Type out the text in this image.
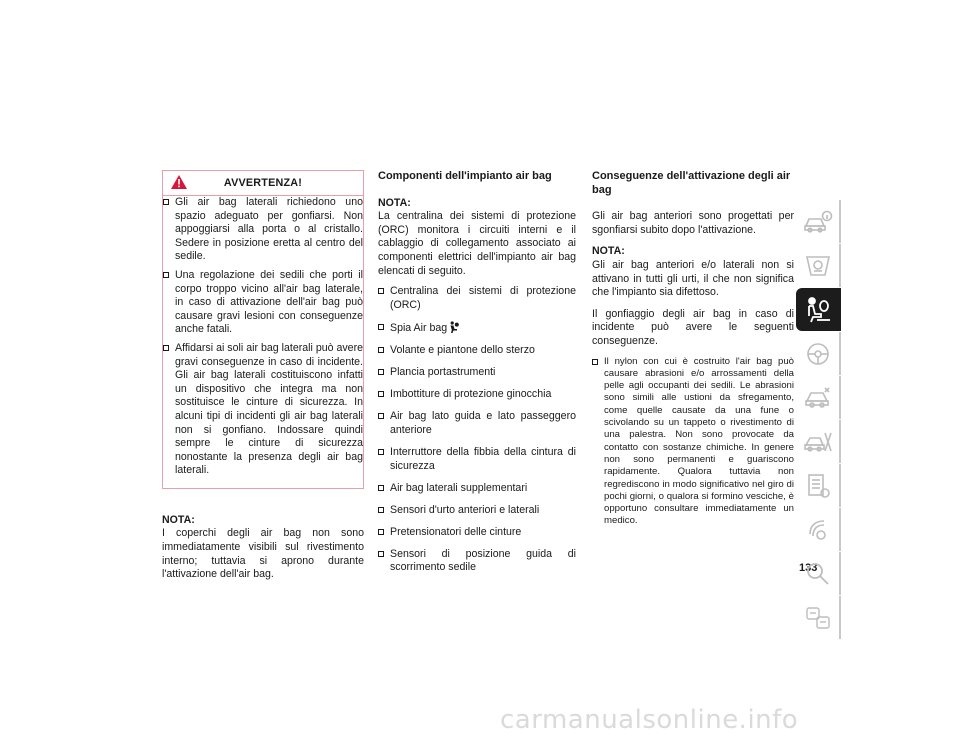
AVVERTENZA!
Gli air bag laterali richiedono uno spazio adeguato per gonfiarsi. Non appoggiarsi alla porta o al cristallo. Sedere in posizione eretta al centro del sedile.
Una regolazione dei sedili che porti il corpo troppo vicino all'air bag laterale, in caso di attivazione dell'air bag può causare gravi lesioni con conseguenze anche fatali.
Affidarsi ai soli air bag laterali può avere gravi conseguenze in caso di incidente. Gli air bag laterali costituiscono infatti un dispositivo che integra ma non sostituisce le cinture di sicurezza. In alcuni tipi di incidenti gli air bag laterali non si gonfiano. Indossare quindi sempre le cinture di sicurezza nonostante la presenza degli air bag laterali.
NOTA:

I coperchi degli air bag non sono immediatamente visibili sul rivestimento interno; tuttavia si aprono durante l'attivazione dell'air bag.

Componenti dell'impianto air bag
NOTA:

La centralina dei sistemi di protezione (ORC) monitora i circuiti interni e il cablaggio di collegamento associato ai componenti elettrici dell'impianto air bag elencati di seguito.

Centralina dei sistemi di protezione (ORC)
Spia Air bag
Volante e piantone dello sterzo
Plancia portastrumenti
Imbottiture di protezione ginocchia
Air bag lato guida e lato passeggero anteriore
Interruttore della fibbia della cintura di sicurezza
Air bag laterali supplementari
Sensori d'urto anteriori e laterali
Pretensionatori delle cinture
Sensori di posizione guida di scorrimento sedile
Conseguenze dell'attivazione degli air bag

Gli air bag anteriori sono progettati per sgonfiarsi subito dopo l'attivazione.

NOTA:

Gli air bag anteriori e/o laterali non si attivano in tutti gli urti, il che non significa che l'impianto sia difettoso.

Il gonfiaggio degli air bag in caso di incidente può avere le seguenti conseguenze.

Il nylon con cui è costruito l'air bag può causare abrasioni e/o arrossamenti della pelle agli occupanti dei sedili. Le abrasioni sono simili alle ustioni da sfregamento, come quelle causate da una fune o scivolando su un tappeto o rivestimento di una palestra. Non sono provocate da contatto con sostanze chimiche. In genere non sono permanenti e guariscono rapidamente. Qualora tuttavia non regrediscono in modo significativo nel giro di pochi giorni, o qualora si formino vesciche, è opportuno consultare immediatamente un medico.
133
carmanualsonline.info
